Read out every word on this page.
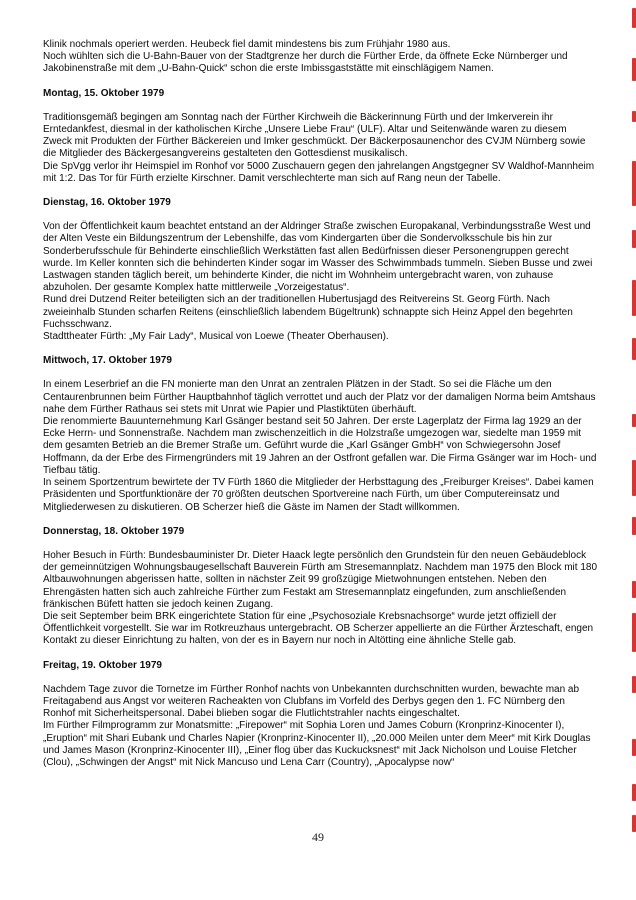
Klinik nochmals operiert werden. Heubeck fiel damit mindestens bis zum Frühjahr 1980 aus.

Noch wühlten sich die U-Bahn-Bauer von der Stadtgrenze her durch die Fürther Erde, da öffnete Ecke Nürnberger und Jakobinenstraße mit dem „U-Bahn-Quick“ schon die erste Imbissgaststätte mit einschlägigem Namen.

Montag, 15. Oktober 1979

Traditionsgemäß begingen am Sonntag nach der Fürther Kirchweih die Bäckerinnung Fürth und der Imkerverein ihr Erntedankfest, diesmal in der katholischen Kirche „Unsere Liebe Frau“ (ULF). Altar und Seitenwände waren zu diesem Zweck mit Produkten der Fürther Bäckereien und Imker geschmückt. Der Bäckerposaunenchor des CVJM Nürnberg sowie die Mitglieder des Bäckergesangvereins gestalteten den Gottesdienst musikalisch.

Die SpVgg verlor ihr Heimspiel im Ronhof vor 5000 Zuschauern gegen den jahrelangen Angstgegner SV Waldhof-Mannheim mit 1:2. Das Tor für Fürth erzielte Kirschner. Damit verschlechterte man sich auf Rang neun der Tabelle.

Dienstag, 16. Oktober 1979

Von der Öffentlichkeit kaum beachtet entstand an der Aldringer Straße zwischen Europakanal, Verbindungsstraße West und der Alten Veste ein Bildungszentrum der Lebenshilfe, das vom Kindergarten über die Sondervolksschule bis hin zur Sonderberufsschule für Behinderte einschließlich Werkstätten fast allen Bedürfnissen dieser Personengruppen gerecht wurde. Im Keller konnten sich die behinderten Kinder sogar im Wasser des Schwimmbads tummeln. Sieben Busse und zwei Lastwagen standen täglich bereit, um behinderte Kinder, die nicht im Wohnheim untergebracht waren, von zuhause abzuholen. Der gesamte Komplex hatte mittlerweile „Vorzeigestatus“.

Rund drei Dutzend Reiter beteiligten sich an der traditionellen Hubertusjagd des Reitvereins St. Georg Fürth. Nach zweieinhalb Stunden scharfen Reitens (einschließlich labendem Bügeltrunk) schnappte sich Heinz Appel den begehrten Fuchsschwanz.

Stadttheater Fürth: „My Fair Lady“, Musical von Loewe (Theater Oberhausen).

Mittwoch, 17. Oktober 1979

In einem Leserbrief an die FN monierte man den Unrat an zentralen Plätzen in der Stadt. So sei die Fläche um den Centaurenbrunnen beim Fürther Hauptbahnhof täglich verrottet und auch der Platz vor der damaligen Norma beim Amtshaus nahe dem Fürther Rathaus sei stets mit Unrat wie Papier und Plastiktüten überhäuft.

Die renommierte Bauunternehmung Karl Gsänger bestand seit 50 Jahren. Der erste Lagerplatz der Firma lag 1929 an der Ecke Herrn- und Sonnenstraße. Nachdem man zwischenzeitlich in die Holzstraße umgezogen war, siedelte man 1959 mit dem gesamten Betrieb an die Bremer Straße um. Geführt wurde die „Karl Gsänger GmbH“ von Schwiegersohn Josef Hoffmann, da der Erbe des Firmengründers mit 19 Jahren an der Ostfront gefallen war. Die Firma Gsänger war im Hoch- und Tiefbau tätig.

In seinem Sportzentrum bewirtete der TV Fürth 1860 die Mitglieder der Herbsttagung des „Freiburger Kreises“. Dabei kamen Präsidenten und Sportfunktionäre der 70 größten deutschen Sportvereine nach Fürth, um über Computereinsatz und Mitgliederwesen zu diskutieren. OB Scherzer hieß die Gäste im Namen der Stadt willkommen.

Donnerstag, 18. Oktober 1979

Hoher Besuch in Fürth: Bundesbauminister Dr. Dieter Haack legte persönlich den Grundstein für den neuen Gebäudeblock der gemeinnützigen Wohnungsbaugesellschaft Bauverein Fürth am Stresemannplatz. Nachdem man 1975 den Block mit 180 Altbauwohnungen abgerissen hatte, sollten in nächster Zeit 99 großzügige Mietwohnungen entstehen. Neben den Ehrengästen hatten sich auch zahlreiche Fürther zum Festakt am Stresemannplatz eingefunden, zum anschließenden fränkischen Büfett hatten sie jedoch keinen Zugang.

Die seit September beim BRK eingerichtete Station für eine „Psychosoziale Krebsnachsorge“ wurde jetzt offiziell der Öffentlichkeit vorgestellt. Sie war im Rotkreuzhaus untergebracht. OB Scherzer appellierte an die Fürther Ärzteschaft, engen Kontakt zu dieser Einrichtung zu halten, von der es in Bayern nur noch in Altötting eine ähnliche Stelle gab.

Freitag, 19. Oktober 1979

Nachdem Tage zuvor die Tornetze im Fürther Ronhof nachts von Unbekannten durchschnitten wurden, bewachte man ab Freitagabend aus Angst vor weiteren Racheakten von Clubfans im Vorfeld des Derbys gegen den 1. FC Nürnberg den Ronhof mit Sicherheitspersonal. Dabei blieben sogar die Flutlichtstrahler nachts eingeschaltet.

Im Fürther Filmprogramm zur Monatsmitte: „Firepower“ mit Sophia Loren und James Coburn (Kronprinz-Kinocenter I), „Eruption“ mit Shari Eubank und Charles Napier (Kronprinz-Kinocenter II), „20.000 Meilen unter dem Meer“ mit Kirk Douglas und James Mason (Kronprinz-Kinocenter III), „Einer flog über das Kuckucksnest“ mit Jack Nicholson und Louise Fletcher (Clou), „Schwingen der Angst“ mit Nick Mancuso und Lena Carr (Country), „Apocalypse now“

49
